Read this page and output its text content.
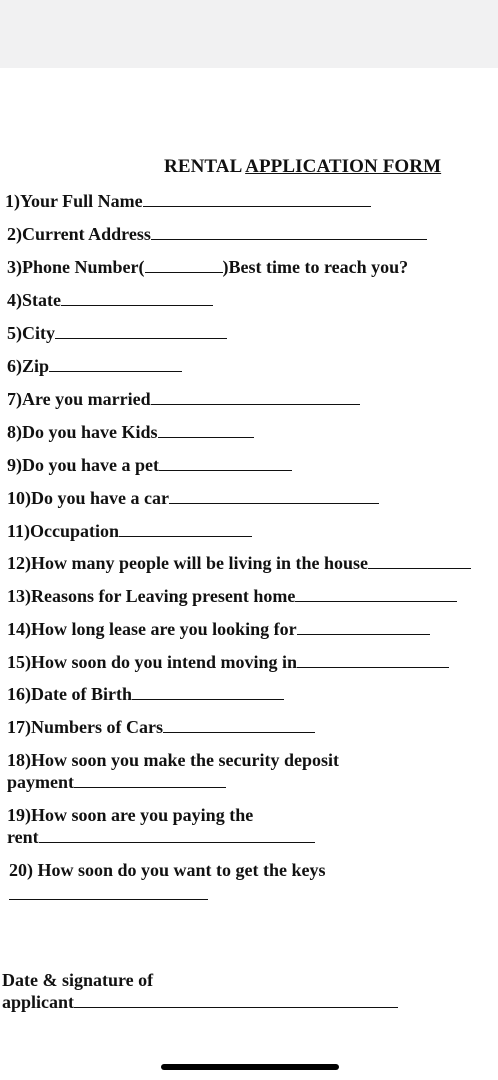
RENTAL APPLICATION FORM
1)Your Full Name
2)Current Address
3)Phone Number(	)Best time to reach you?
4)State
5)City
6)Zip
7)Are you married
8)Do you have Kids
9)Do you have a pet
10)Do you have a car
11)Occupation
12)How many people will be living in the house
13)Reasons for Leaving present home
14)How long lease are you looking for
15)How soon do you intend moving in
16)Date of Birth
17)Numbers of Cars
18)How soon you make the security deposit
payment
19)How soon are you paying the
rent
20) How soon do you want to get the keys
Date & signature of
applicant
